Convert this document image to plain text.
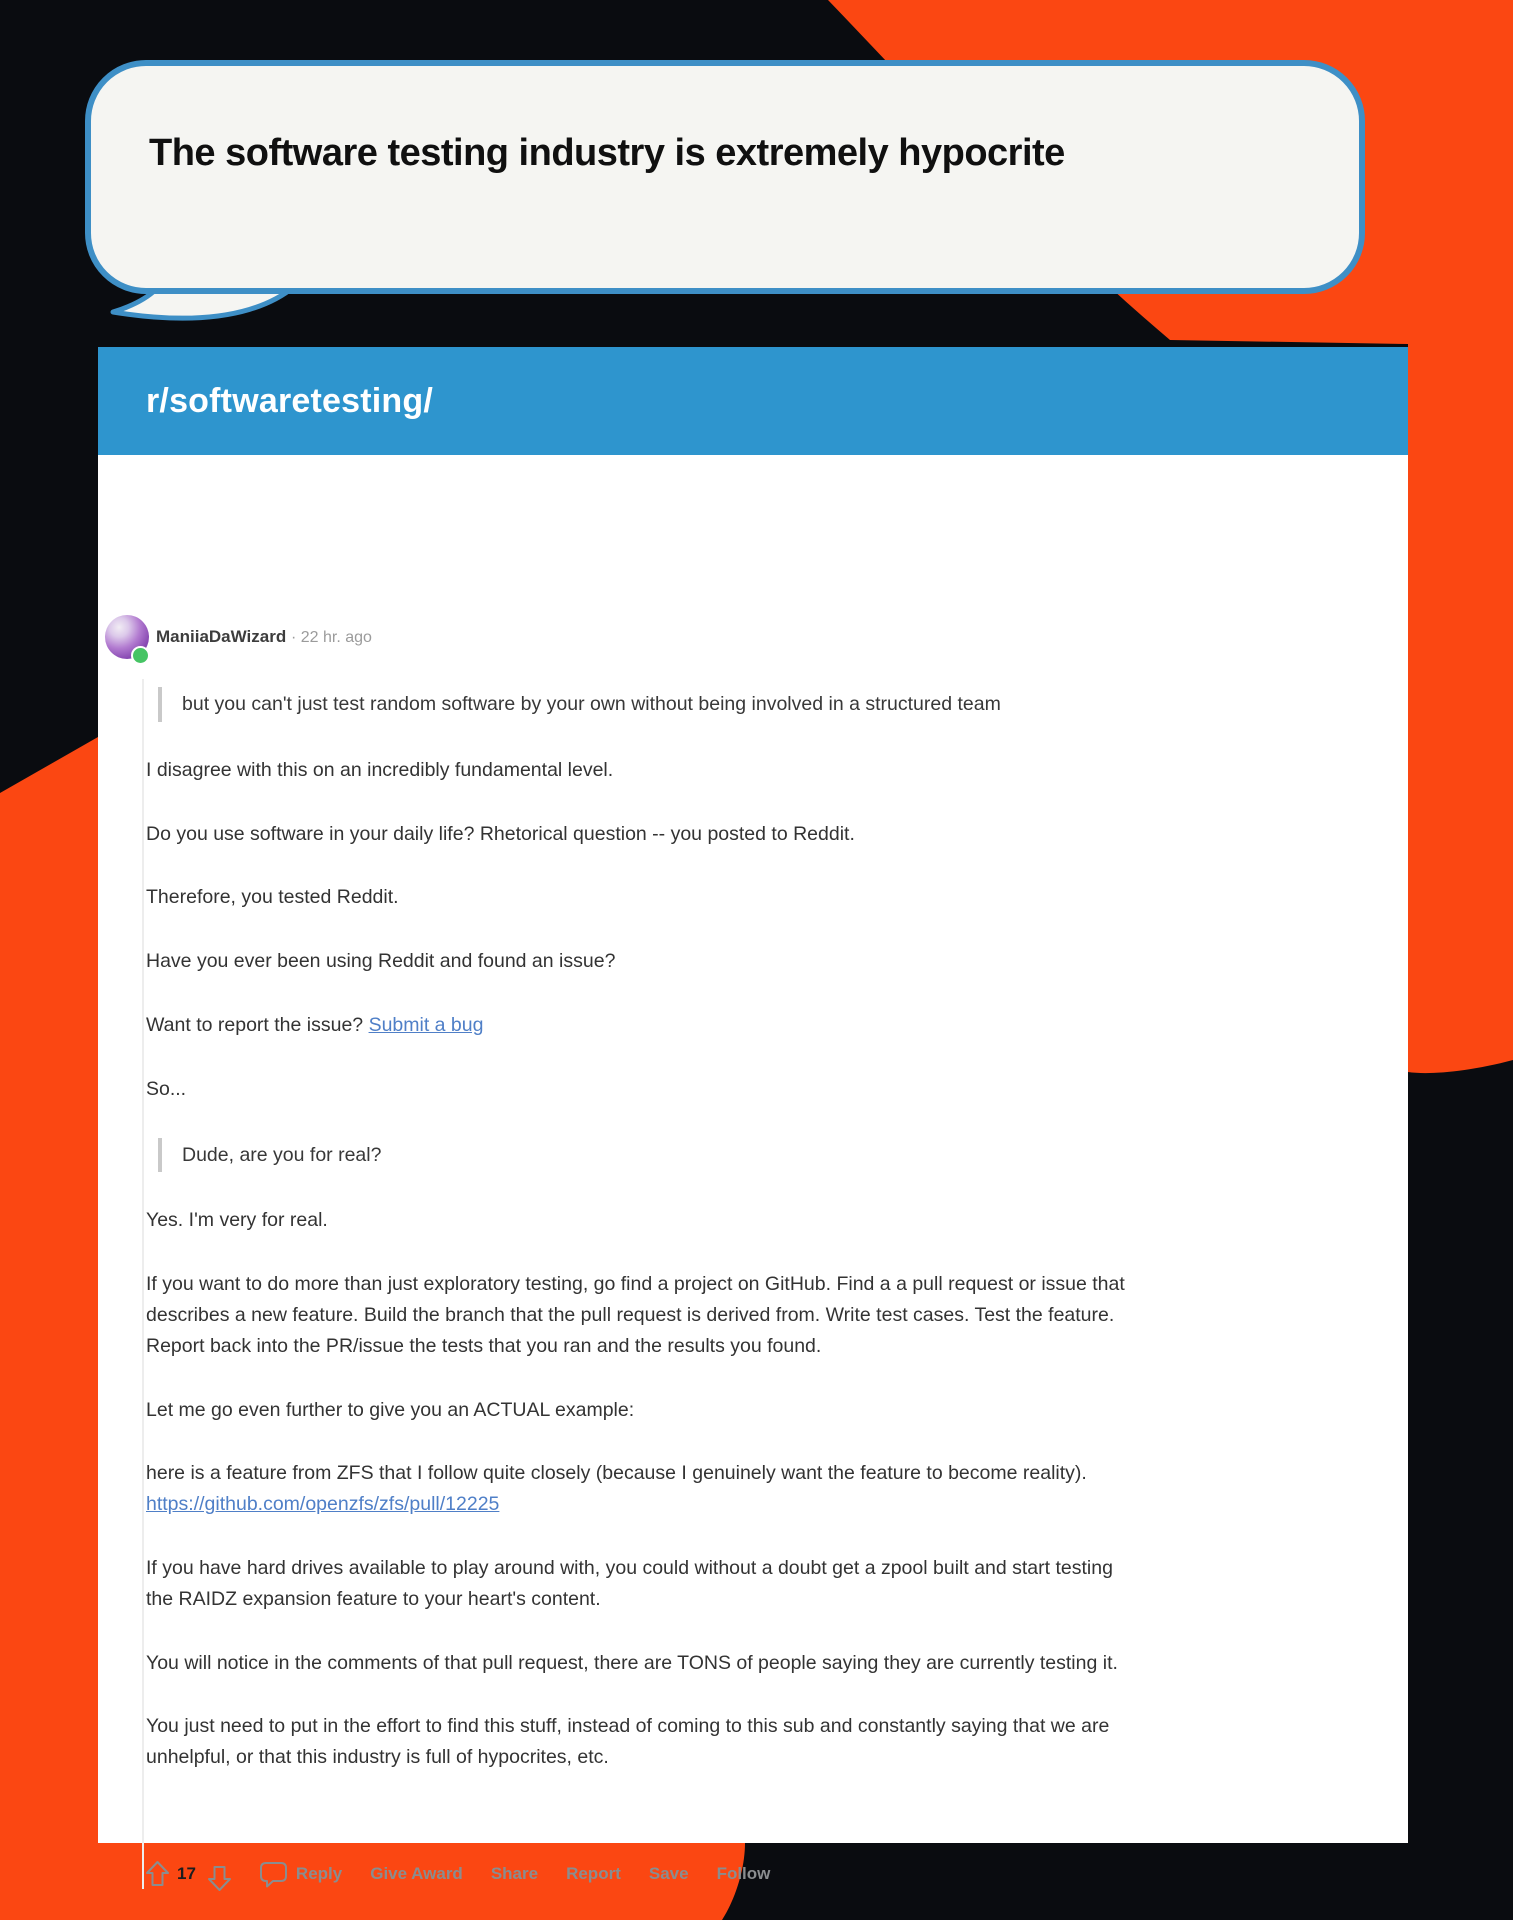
The software testing industry is extremely hypocrite
r/softwaretesting/
ManiiaDaWizard · 22 hr. ago
but you can't just test random software by your own without being involved in a structured team

I disagree with this on an incredibly fundamental level.

Do you use software in your daily life? Rhetorical question -- you posted to Reddit.

Therefore, you tested Reddit.

Have you ever been using Reddit and found an issue?

Want to report the issue? Submit a bug

So...

Dude, are you for real?

Yes. I'm very for real.

If you want to do more than just exploratory testing, go find a project on GitHub. Find a a pull request or issue that describes a new feature. Build the branch that the pull request is derived from. Write test cases. Test the feature. Report back into the PR/issue the tests that you ran and the results you found.

Let me go even further to give you an ACTUAL example:

here is a feature from ZFS that I follow quite closely (because I genuinely want the feature to become reality). https://github.com/openzfs/zfs/pull/12225

If you have hard drives available to play around with, you could without a doubt get a zpool built and start testing the RAIDZ expansion feature to your heart's content.

You will notice in the comments of that pull request, there are TONS of people saying they are currently testing it.

You just need to put in the effort to find this stuff, instead of coming to this sub and constantly saying that we are unhelpful, or that this industry is full of hypocrites, etc.

17	Reply Give Award Share Report Save Follow
